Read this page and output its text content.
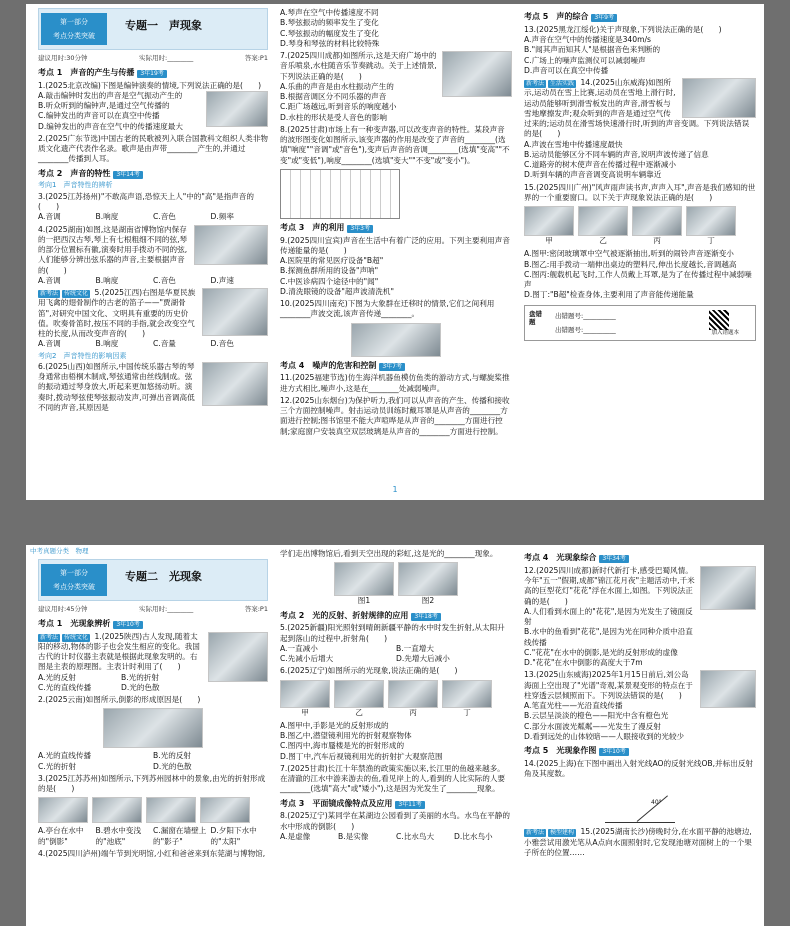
第一部分
考点分类突破
专题一　声现象
建议用时:30分钟	实际用时:________	答案:P1
考点 1　声音的产生与传播 3年19考
1.(2025北京改编)下图是编钟演奏的情境,下列说法正确的是(　　)
A.敲击编钟时发出的声音是空气振动产生的
B.听众听到的编钟声,是通过空气传播的
C.编钟发出的声音可以在真空中传播
D.编钟发出的声音在空气中的传播速度最大
2.(2025广东节选)中国古老的民歌被列入联合国教科文组织人类非物质文化遗产代表作名录。歌声是由声带________产生的,并通过________传播到人耳。
考点 2　声音的特性 3年14考
考向1　声音特性的辨析
3.(2025江苏扬州)"不敢高声语,恐惊天上人"中的"高"是指声音的(　　)
A.音调	B.响度	C.音色	D.频率
4.(2025湖南)如图,这是湖南省博物馆内保存的一把西汉古琴,琴上有七根粗细不同的弦,琴的部分位置标有徽,演奏时用手拨动不同的弦,人们能够分辨出弦乐器的声音,主要根据声音的(　　)
A.音调	B.响度	C.音色	D.声速
新考法 传统文化 5.(2025江西)右图是华夏民族用飞禽的翅骨制作的古老的笛子——"贾湖骨笛",对研究中国文化、文明具有重要的历史价值。吹奏骨笛时,按压不同的手指,就会改变空气柱的长度,从而改变声音的(　　)
A.音调	B.响度	C.音量	D.音色
考向2　声音特性的影响因素
6.(2025山西)如图所示,中国传统乐器古琴的琴身通常由梧桐木制成,琴弦通常由丝线制成。弦的振动通过琴身放大,听起来更加悠扬动听。演奏时,拨动琴弦使琴弦振动发声,可弹出音调高低不同的声音,其原因是
A.琴声在空气中传播速度不同
B.琴弦振动的频率发生了变化
C.琴弦振动的幅度发生了变化
D.琴身和琴弦的材料比较特殊
7.(2025四川成都)如图所示,这是天府广场中的音乐喷泉,水柱随音乐节奏跳动。关于上述情景,下列说法正确的是(　　)
A.乐曲的声音是由水柱振动产生的
B.根据音调区分不同乐器的声音
C.距广场越远,听到音乐的响度越小
D.水柱的形状是受人音色的影响
8.(2025甘肃)市场上有一种变声器,可以改变声音的特性。某段声音的波形图变化如图所示,该变声器的作用是改变了声音的________(选填"响度""音调"或"音色"),变声后声音的音调________(选填"变高""不变"或"变低"),响度________(选填"变大""不变"或"变小")。
考点 3　声的利用 3年3考
9.(2025四川宜宾)声音在生活中有着广泛的应用。下列主要利用声音传递能量的是(　　)
A.医院里的常见医疗设备"B超"
B.探测鱼群所用的设备"声呐"
C.中医诊病四个途径中的"闻"
D.清洗眼镜的设备"超声波清洗机"
10.(2025四川南充)下图为大象群在迁移时的情景,它们之间利用________声波交流,该声音传递________。
考点 4　噪声的危害和控制 3年7考
11.(2025福建节选)仿生海洋机器鱼模仿鱼类的游动方式,与螺旋桨推进方式相比,噪声小,这是在________处减弱噪声。
12.(2025山东烟台)为保护听力,我们可以从声音的产生、传播和接收三个方面控制噪声。射击运动员训练时戴耳罩是从声音的________方面进行控制;图书馆里不能大声喧哗是从声音的________方面进行控制;家庭窗户安装真空双层玻璃是从声音的________方面进行控制。
考点 5　声的综合 3年9考
13.(2025黑龙江绥化)关于声现象,下列说法正确的是(　　)
A.声音在空气中的传播速度是340m/s
B."闻其声而知其人"是根据音色来判断的
C.广场上的噪声监测仪可以减弱噪声
D.声音可以在真空中传播
新考法 生活实践 14.(2025山东威海)如图所示,运动员在雪上比赛,运动员在雪地上滑行时,运动员能够听到滑雪板发出的声音,滑雪板与雪地摩擦发声;观众听到的声音是通过空气传过来的;运动员在滑雪场快速滑行时,听到的声音变调。下列说法错误的是(　　)
A.声波在雪地中传播速度最快
B.运动员能够区分不同车辆的声音,说明声波传递了信息
C.道路旁的树木使声音在传播过程中逐渐减小
D.听到车辆的声音音调变高说明车辆靠近
15.(2025四川广州)"风声雨声读书声,声声入耳",声音是我们感知的世界的一个重要窗口。以下关于声现象说法正确的是(　　)
甲	乙	丙	丁
A.图甲:密闭玻璃罩中空气被逐渐抽出,听到的闹铃声音逐渐变小
B.图乙:用手拨动一端伸出桌边的塑料尺,伸出长度越长,音调越高
C.图丙:舰载机起飞时,工作人员戴上耳罩,是为了在传播过程中减弱噪声
D.图丁:"B超"检查身体,主要利用了声音能传递能量
盘错题
出错题号:__________
出错题号:__________	加入错题本
1
中考真题分类　物理
第一部分
考点分类突破
专题二　光现象
建议用时:45分钟	实际用时:________	答案:P1
考点 1　光现象辨析 3年10考
新考法 传统文化 1.(2025陕西)古人发现,随着太阳的移动,物体的影子也会发生相应的变化。我国古代的计时仪器主表就是根据此现象发明的。右图是主表的原理图。主表计时利用了(　　)
A.光的反射	B.光的折射
C.光的直线传播	D.光的色散
2.(2025云南)如图所示,倒影的形成原因是(　　)
A.光的直线传播	B.光的反射
C.光的折射	D.光的色散
3.(2025江苏苏州)如图所示,下列苏州园林中的景象,由光的折射形成的是(　　)
A.亭台在水中的"倒影"
B.碧水中变浅的"池底"
C.漏窗在墙壁上的"影子"
D.夕阳下水中的"太阳"
4.(2025四川泸州)端午节到光明馆,小红和爸爸来到东莞湖与博物馆,
学们走出博物馆后,看到天空出现的彩虹,这是光的________现象。
图1	图2
考点 2　光的反射、折射规律的应用 3年18考
5.(2025新疆)阳光照射到晴朗新疆平静的水中时发生折射,从太阳升起到落山的过程中,折射角(　　)
A.一直减小	B.一直增大
C.先减小后增大	D.先增大后减小
6.(2025辽宁)如图所示的光现象,说法正确的是(　　)
甲	乙	丙	丁
A.图甲中,手影是光的反射形成的
B.图乙中,潜望镜利用光的折射观察物体
C.图丙中,海市蜃楼是光的折射形成的
D.图丁中,汽车后视镜利用光的折射扩大观察范围
7.(2025甘肃)长江十年禁渔的政策实施以来,长江里的鱼越来越多。在清澈的江水中游来游去的鱼,看见岸上的人,看到的人比实际的人要________(选填"高大"或"矮小"),这是因为光发生了________现象。
考点 3　平面镜成像特点及应用 3年11考
8.(2025辽宁)某同学在某湖边公园看到了美丽的水鸟。水鸟在平静的水中形成的倒影(　　)
A.是虚像	B.是实像	C.比水鸟大	D.比水鸟小
考点 4　光现象综合 3年34考
12.(2025四川成都)新时代新打卡,感受巴蜀风情。今年"五一"假期,成都"锦江花月夜"主题活动中,千米高的巨型花灯"花花"浮在水面上,如图。下列说法正确的是(　　)
A.人们看到水面上的"花花",是因为光发生了镜面反射
B.水中的鱼看到"花花",是因为光在同种介质中沿直线传播
C."花花"在水中的倒影,是光的反射形成的虚像
D."花花"在水中倒影的高度大于7m
13.(2025山东威海)2025年1月15日前后,刘公岛海面上空出现了"光谱"奇观,某景观变形的特点在于柱穿透云层倾照而下。下列说法错误的是(　　)
A.笔直光柱——光沿直线传播
B.云层呈淡淡的橙色——阳光中含有橙色光
C.部分水面波光粼粼——光发生了漫反射
D.看到远处的山体较暗——人眼接收到的光较少
考点 5　光现象作图 3年10考
14.(2025上海)在下图中画出入射光线AO的反射光线OB,并标出反射角及其度数。
40°
新考法 模型建构 15.(2025湖南长沙)傍晚时分,在水面平静的池塘边,小雅尝试用激光笔从A点向水面照射时,它发现池塘对面树上的一个果子所在的位置……
